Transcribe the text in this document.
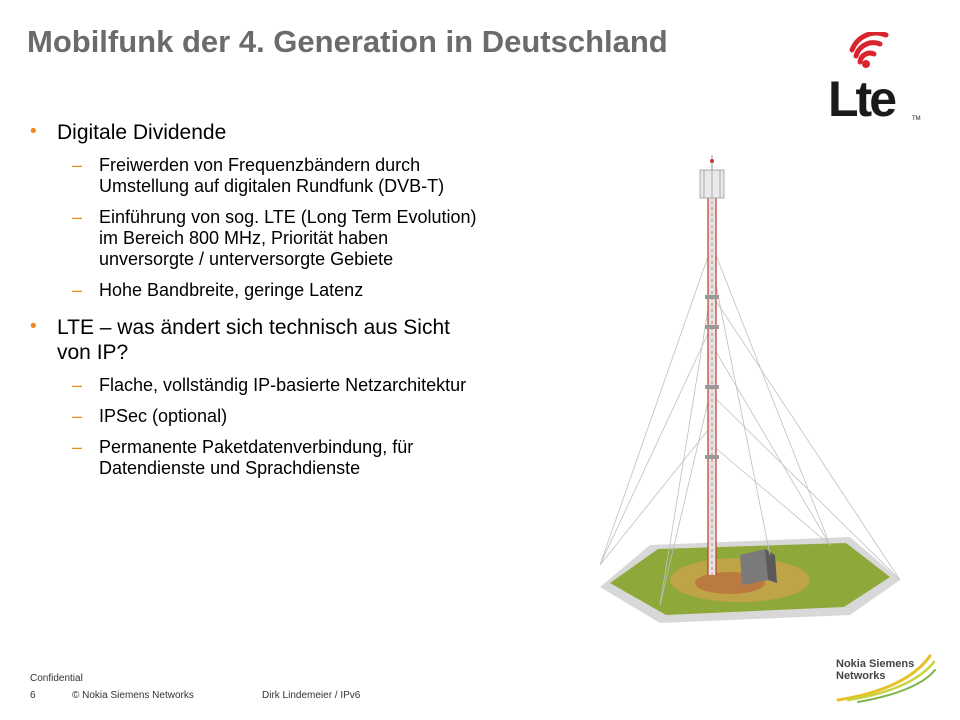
Mobilfunk der 4. Generation in Deutschland
Lte	TM
• Digitale Dividende
– Freiwerden von Frequenzbändern durch Umstellung auf digitalen Rundfunk (DVB-T)
– Einführung von sog. LTE (Long Term Evolution) im Bereich 800 MHz, Priorität haben unversorgte / unterversorgte Gebiete
– Hohe Bandbreite, geringe Latenz
• LTE – was ändert sich technisch aus Sicht von IP?
– Flache, vollständig IP-basierte Netzarchitektur
– IPSec (optional)
– Permanente Paketdatenverbindung, für Datendienste und Sprachdienste
Confidential
6	© Nokia Siemens Networks	Dirk Lindemeier / IPv6
Nokia Siemens
Networks
